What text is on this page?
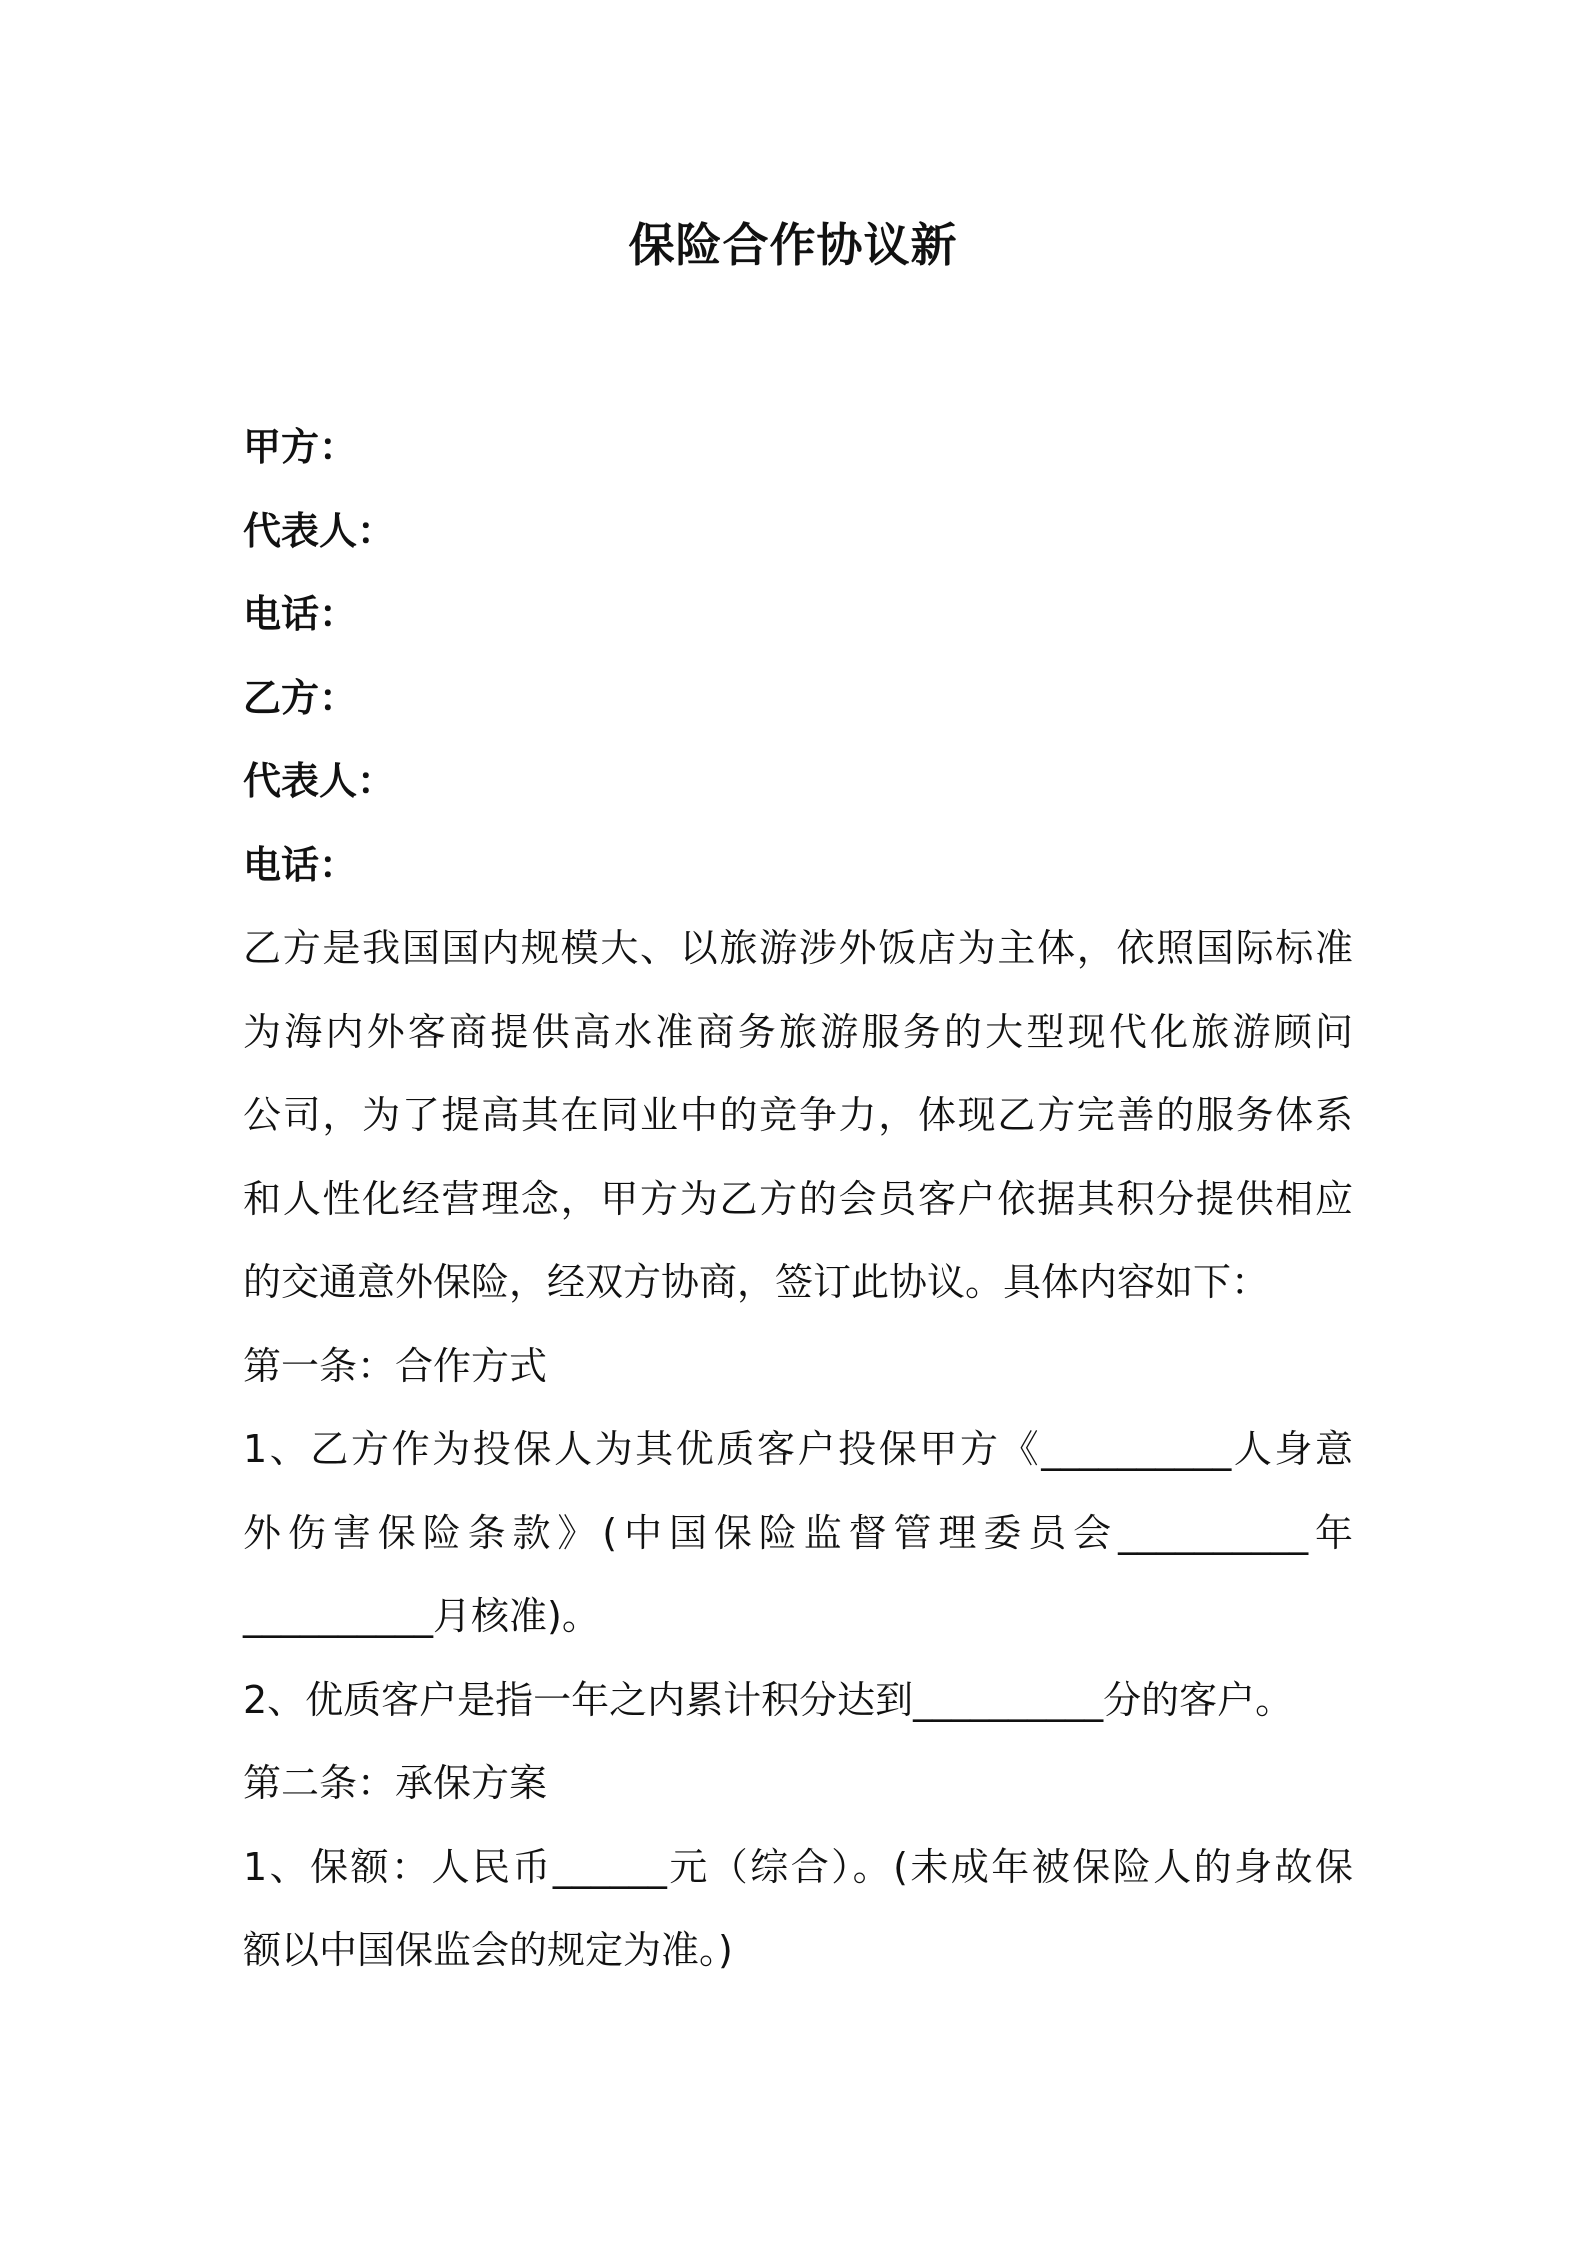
保险合作协议新
甲方：
代表人：
电话：
乙方：
代表人：
电话：
乙方是我国国内规模大、以旅游涉外饭店为主体，依照国际标准
为海内外客商提供高水准商务旅游服务的大型现代化旅游顾问
公司，为了提高其在同业中的竞争力，体现乙方完善的服务体系
和人性化经营理念，甲方为乙方的会员客户依据其积分提供相应
的交通意外保险，经双方协商，签订此协议。具体内容如下：
第一条：合作方式
1、乙方作为投保人为其优质客户投保甲方《__________人身意
外伤害保险条款》(中国保险监督管理委员会__________年
__________月核准)。
2、优质客户是指一年之内累计积分达到__________分的客户。
第二条：承保方案
1、保额：人民币______元（综合）。(未成年被保险人的身故保
额以中国保监会的规定为准。)
